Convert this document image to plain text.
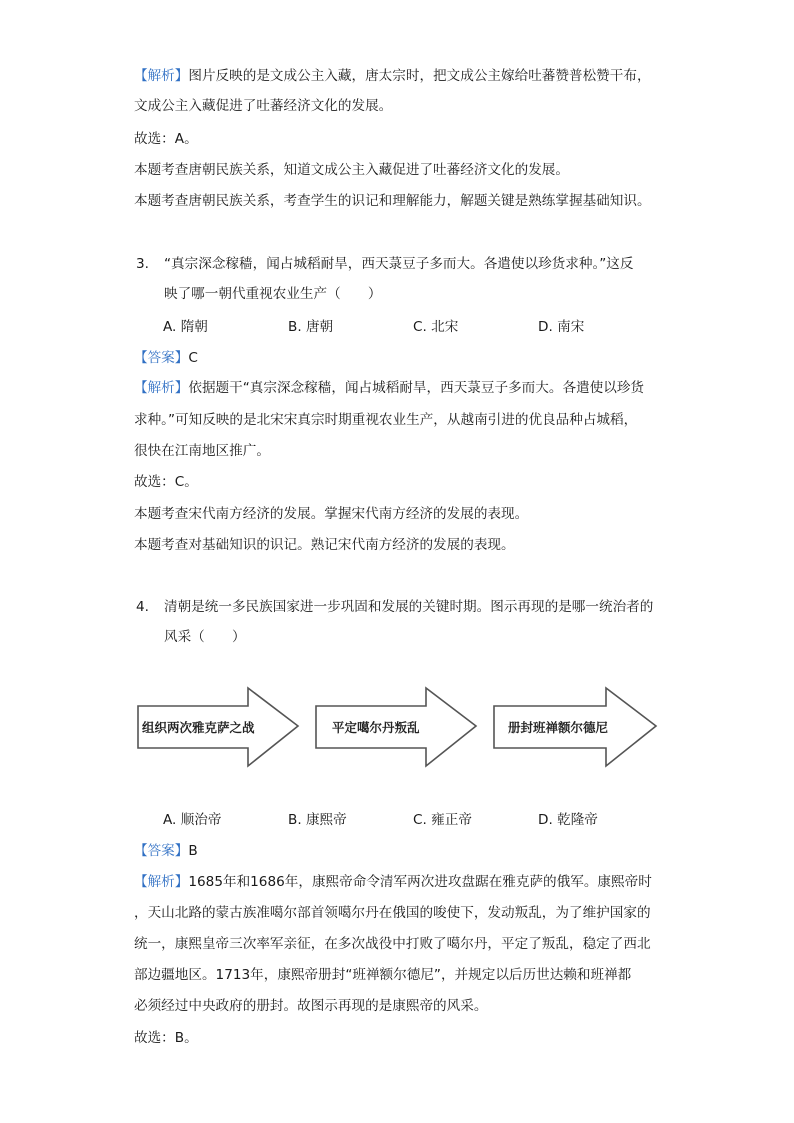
【解析】图片反映的是文成公主入藏，唐太宗时，把文成公主嫁给吐蕃赞普松赞干布，
文成公主入藏促进了吐蕃经济文化的发展。
故选：A。
本题考查唐朝民族关系，知道文成公主入藏促进了吐蕃经济文化的发展。
本题考查唐朝民族关系，考查学生的识记和理解能力，解题关键是熟练掌握基础知识。
3. “真宗深念稼穑，闻占城稻耐旱，西天菉豆子多而大。各遣使以珍货求种。”这反
映了哪一朝代重视农业生产（　　）
A. 隋朝	B. 唐朝	C. 北宋	D. 南宋
【答案】C
【解析】依据题干“真宗深念稼穑，闻占城稻耐旱，西天菉豆子多而大。各遣使以珍货
求种。”可知反映的是北宋宋真宗时期重视农业生产，从越南引进的优良品种占城稻，
很快在江南地区推广。
故选：C。
本题考查宋代南方经济的发展。掌握宋代南方经济的发展的表现。
本题考查对基础知识的识记。熟记宋代南方经济的发展的表现。
4. 清朝是统一多民族国家进一步巩固和发展的关键时期。图示再现的是哪一统治者的
风采（　　）
组织两次雅克萨之战	平定噶尔丹叛乱	册封班禅额尔德尼
A. 顺治帝	B. 康熙帝	C. 雍正帝	D. 乾隆帝
【答案】B
【解析】1685年和1686年，康熙帝命令清军两次进攻盘踞在雅克萨的俄军。康熙帝时
，天山北路的蒙古族准噶尔部首领噶尔丹在俄国的唆使下，发动叛乱，为了维护国家的
统一，康熙皇帝三次率军亲征，在多次战役中打败了噶尔丹，平定了叛乱，稳定了西北
部边疆地区。1713年，康熙帝册封“班禅额尔德尼”，并规定以后历世达赖和班禅都
必须经过中央政府的册封。故图示再现的是康熙帝的风采。
故选：B。
